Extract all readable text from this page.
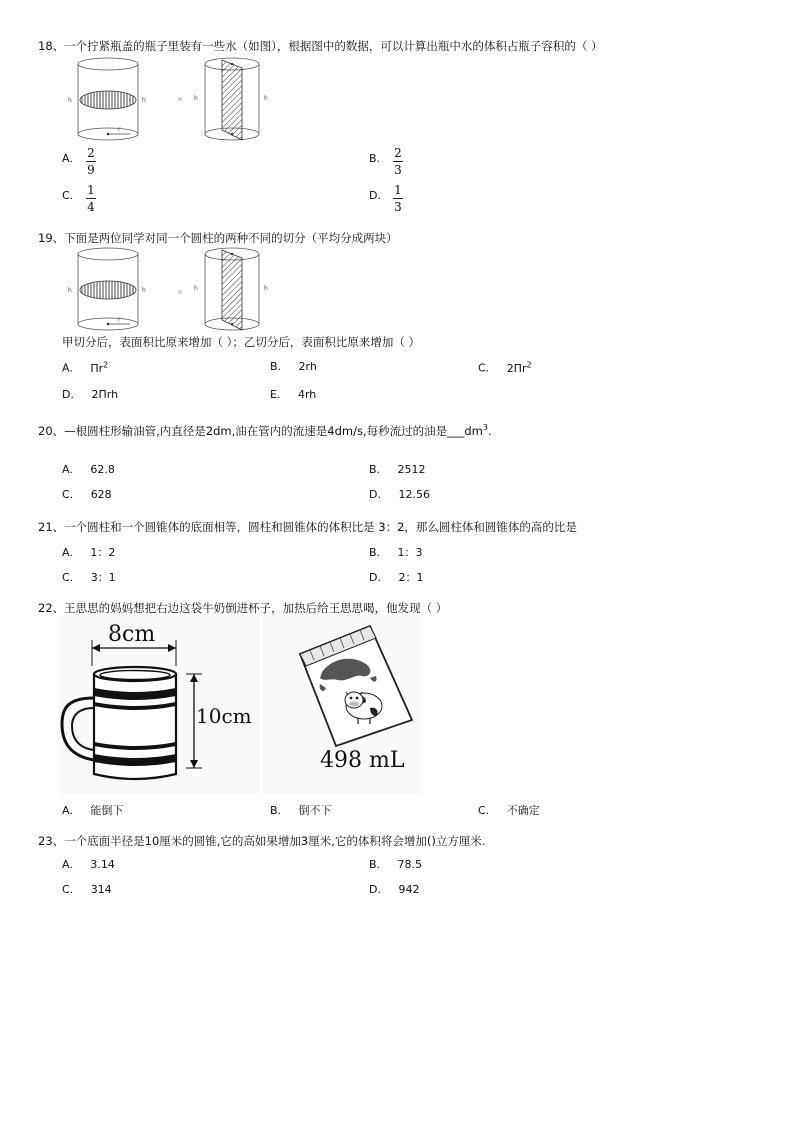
18、一个拧紧瓶盖的瓶子里装有一些水（如图），根据图中的数据，可以计算出瓶中水的体积占瓶子容积的（ ）
r
h	h	h	h
A. 2
9
B. 2
3
C. 1
4
D. 1
3
19、下面是两位同学对同一个圆柱的两种不同的切分（平均分成两块）
r
h	h	h	h
甲切分后，表面积比原来增加（ ）；乙切分后，表面积比原来增加（ ）
A. $\Pi r^2$	B. 2rh	C. $2\Pi r^2$
D. 2Πrh	E. 4rh
20、—根圆柱形输油管,内直径是2dm,油在管内的流速是4dm/s,每秒流过的油是$\_\_\_dm^3$.
A. 62.8	B. 2512
C. 628	D. 12.56
21、一个圆柱和一个圆锥体的底面相等，圆柱和圆锥体的体积比是 3：2，那么圆柱体和圆锥体的高的比是
A. 1：2	B. 1：3
C. 3：1	D. 2：1
22、王思思的妈妈想把右边这袋牛奶倒进杯子，加热后给王思思喝，他发现（ ）
8cm
10cm
498 mL
A. 能倒下	B. 倒不下	C. 不确定
23、一个底面半径是10厘米的圆锥,它的高如果增加3厘米,它的体积将会增加()立方厘米.
A. 3.14	B. 78.5
C. 314	D. 942
